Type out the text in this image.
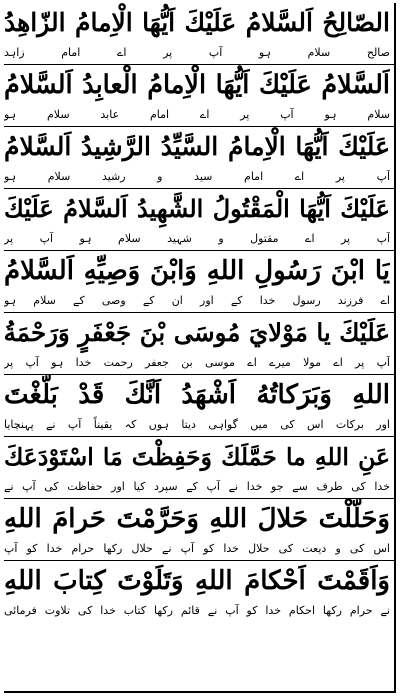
الصّالِحُ اَلسَّلامُ عَلَيْكَ اَيُّهَا الْاِمامُ الزّاهِدُ
صالح سلام ہو آپ پر اے امام زاہد
اَلسَّلامُ عَلَيْكَ اَيُّهَا الْاِمامُ الْعابِدُ اَلسَّلامُ
سلام ہو آپ پر اے امام عابد سلام ہو
عَلَيْكَ اَيُّهَا الْاِمامُ السَّيِّدُ الرَّشِيدُ اَلسَّلامُ
آپ پر اے امام سید و رشید سلام ہو
عَلَيْكَ اَيُّهَا الْمَقْتُولُ الشَّهِيدُ اَلسَّلامُ عَلَيْكَ
آپ پر اے مقتول و شہید سلام ہو آپ پر
يَا ابْنَ رَسُولِ اللهِ وَابْنَ وَصِيِّهِ اَلسَّلامُ
اے فرزند رسول خدا کے اور ان کے وصی کے سلام ہو
عَلَيْكَ يا مَوْلايَ مُوسَى بْنَ جَعْفَرٍ وَرَحْمَةُ
آپ پر اے مولا میرے اے موسی بن جعفر رحمت خدا ہو آپ پر
اللهِ وَبَرَكاتُهُ اَشْهَدُ اَنَّكَ قَدْ بَلَّغْتَ
اور برکات اس کی میں گواہی دیتا ہوں کہ یقیناً آپ نے پہنچایا
عَنِ اللهِ ما حَمَّلَكَ وَحَفِظْتَ مَا اسْتَوْدَعَكَ
خدا کی طرف سے جو خدا نے آپ کے سپرد کیا اور حفاظت کی آپ نے
وَحَلَّلْتَ حَلالَ اللهِ وَحَرَّمْتَ حَرامَ اللهِ
اس کی و دیعت کی حلال خدا کو آپ نے حلال رکھا حرام خدا کو آپ
وَاَقَمْتَ اَحْكامَ اللهِ وَتَلَوْتَ كِتابَ اللهِ
نے حرام رکھا احکام خدا کو آپ نے قائم رکھا کتاب خدا کی تلاوت فرمائی
